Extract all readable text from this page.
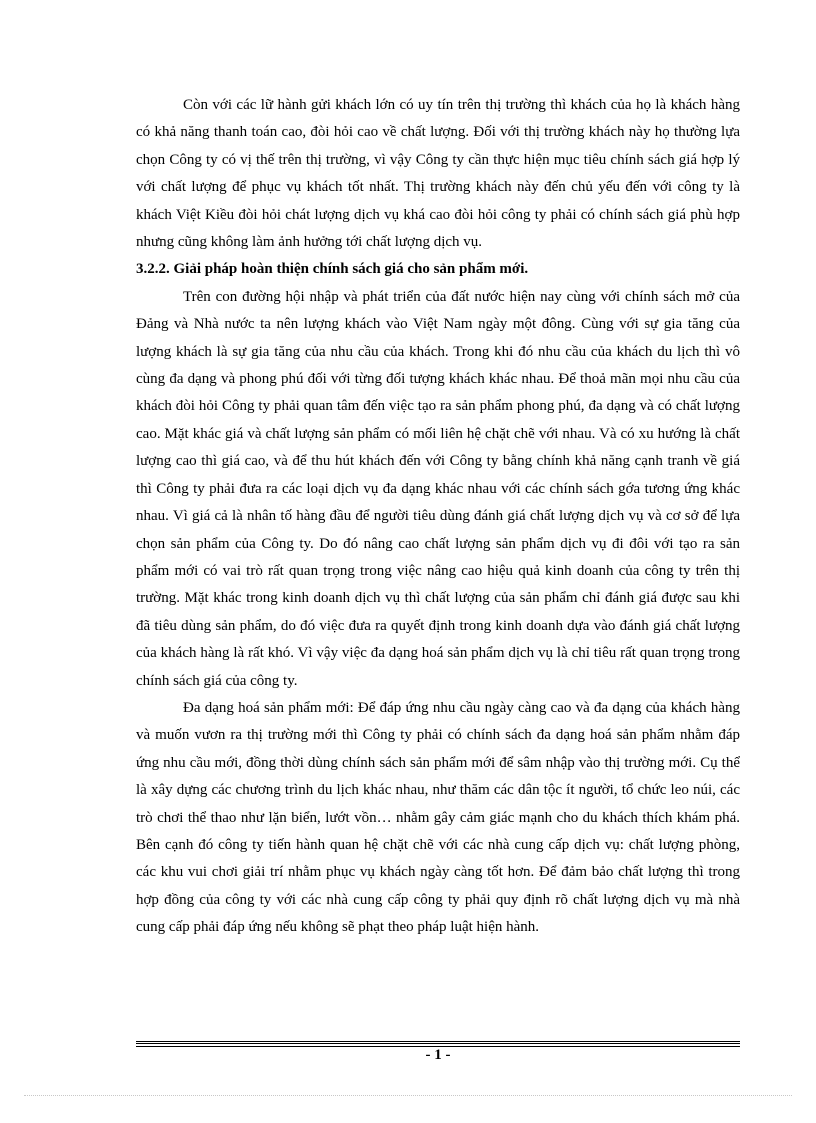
Còn với các lữ hành gửi khách lớn có uy tín trên thị trường thì khách của họ là khách hàng có khả năng thanh toán cao, đòi hỏi cao về chất lượng. Đối với thị trường khách này họ thường lựa chọn Công ty có vị thế trên thị trường, vì vậy Công ty cần thực hiện mục tiêu chính sách giá hợp lý với chất lượng để phục vụ khách tốt nhất. Thị trường khách này đến chủ yếu đến với công ty là khách Việt Kiều đòi hỏi chát lượng dịch vụ khá cao đòi hỏi công ty phải có chính sách giá phù hợp nhưng cũng không làm ảnh hưởng tới chất lượng dịch vụ.

3.2.2. Giải pháp hoàn thiện chính sách giá cho sản phẩm mới.

Trên con đường hội nhập và phát triển của đất nước hiện nay cùng với chính sách mở của Đảng và Nhà nước ta nên lượng khách vào Việt Nam ngày một đông. Cùng với sự gia tăng của lượng khách là sự gia tăng của nhu cầu của khách. Trong khi đó nhu cầu của khách du lịch thì vô cùng đa dạng và phong phú đối với từng đối tượng khách khác nhau. Để thoả mãn mọi nhu cầu của khách đòi hỏi Công ty phải quan tâm đến việc tạo ra sản phẩm phong phú, đa dạng và có chất lượng cao. Mặt khác giá và chất lượng sản phẩm có mối liên hệ chặt chẽ với nhau. Và có xu hướng là chất lượng cao thì giá cao, và để thu hút khách đến với Công ty bằng chính khả năng cạnh tranh về giá thì Công ty phải đưa ra các loại dịch vụ đa dạng khác nhau với các chính sách gớa tương ứng khác nhau. Vì giá cả là nhân tố hàng đầu để người tiêu dùng đánh giá chất lượng dịch vụ và cơ sở để lựa chọn sản phẩm của Công ty. Do đó nâng cao chất lượng sản phẩm dịch vụ đi đôi với tạo ra sản phẩm mới có vai trò rất quan trọng trong việc nâng cao hiệu quả kinh doanh của công ty trên thị trường. Mặt khác trong kinh doanh dịch vụ thì chất lượng của sản phẩm chỉ đánh giá được sau khi đã tiêu dùng sản phẩm, do đó việc đưa ra quyết định trong kinh doanh dựa vào đánh giá chất lượng của khách hàng là rất khó. Vì vậy việc đa dạng hoá sản phẩm dịch vụ là chỉ tiêu rất quan trọng trong chính sách giá của công ty.

Đa dạng hoá sản phẩm mới: Để đáp ứng nhu cầu ngày càng cao và đa dạng của khách hàng và muốn vươn ra thị trường mới thì Công ty phải có chính sách đa dạng hoá sản phẩm nhằm đáp ứng nhu cầu mới, đồng thời dùng chính sách sản phẩm mới để sâm nhập vào thị trường mới. Cụ thể là xây dựng các chương trình du lịch khác nhau, như thăm các dân tộc ít người, tổ chức leo núi, các trò chơi thể thao như lặn biển, lướt vồn… nhằm gây cảm giác mạnh cho du khách thích khám phá. Bên cạnh đó công ty tiến hành quan hệ chặt chẽ với các nhà cung cấp dịch vụ: chất lượng phòng, các khu vui chơi giải trí nhằm phục vụ khách ngày càng tốt hơn. Để đảm bảo chất lượng thì trong hợp đồng của công ty với các nhà cung cấp công ty phải quy định rõ chất lượng dịch vụ mà nhà cung cấp phải đáp ứng nếu không sẽ phạt theo pháp luật hiện hành.

- 1 -
